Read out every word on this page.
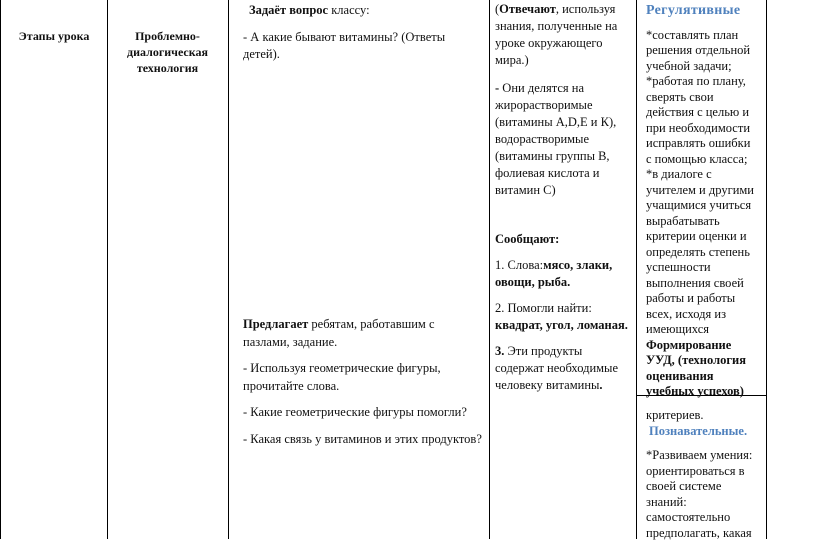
Этапы урока	Проблемно-
диалогическая
технология

Задаёт вопрос классу:

- А какие бывают витамины? (Ответы

детей).

Предлагает ребятам, работавшим с

пазлами, задание.

- Используя геометрические фигуры,

прочитайте слова.

- Какие геометрические фигуры помогли?

- Какая связь у витаминов и этих продуктов?

(Отвечают, используя

знания, полученные на

уроке окружающего

мира.)

- Они делятся на

жирорастворимые

(витамины А,D,Е и К),

водорастворимые

(витамины группы В,

фолиевая кислота и

витамин С)

Сообщают:

1. Слова:мясо, злаки,

овощи, рыба.

2. Помогли найти:

квадрат, угол, ломаная.

3. Эти продукты

содержат необходимые

человеку витамины.

Регулятивные

*составлять план

решения отдельной

учебной задачи;

*работая по плану,

сверять свои

действия с целью и

при необходимости

исправлять ошибки

с помощью класса;

*в диалоге с

учителем и другими

учащимися учиться

вырабатывать

критерии оценки и

определять степень

успешности

выполнения своей

работы и работы

всех, исходя из

имеющихся

Формирование

УУД, (технология

оценивания

учебных успехов)

критериев.

Познавательные.

*Развиваем умения:

ориентироваться в

своей системе

знаний:

самостоятельно

предполагать, какая
